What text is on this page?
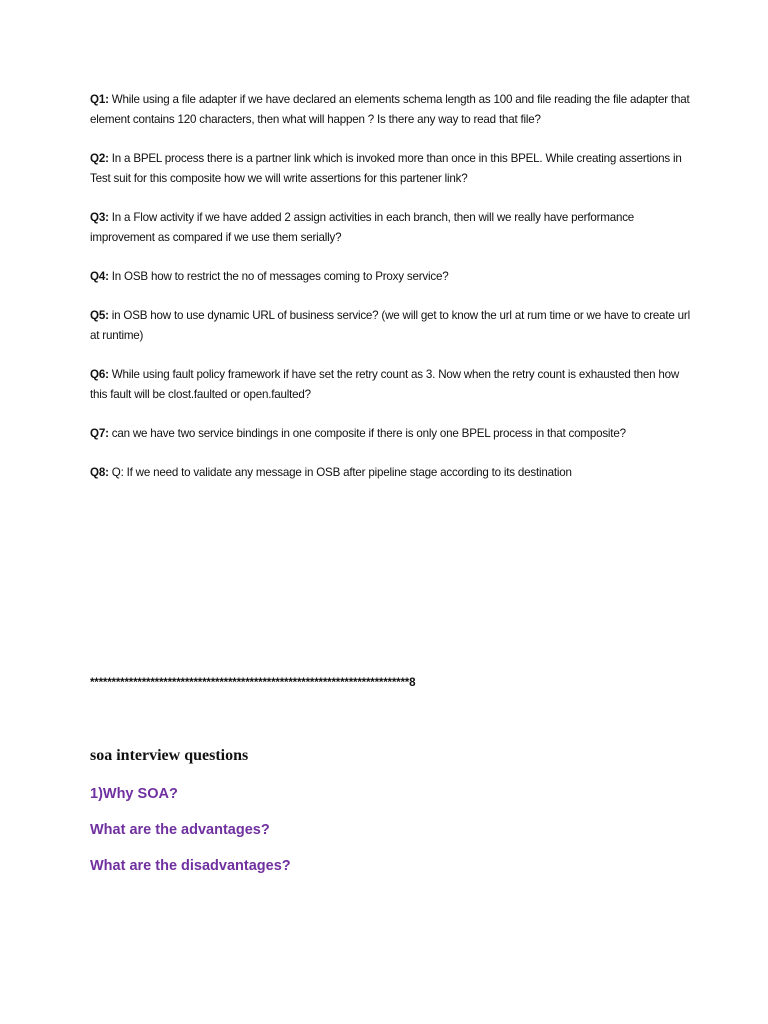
Q1: While using a file adapter if we have declared an elements schema length as 100 and file reading the file adapter that element contains 120 characters, then what will happen ? Is there any way to read that file?

Q2: In a BPEL process there is a partner link which is invoked more than once in this BPEL. While creating assertions in Test suit for this composite how we will write assertions for this partener link?

Q3: In a Flow activity if we have added 2 assign activities in each branch, then will we really have performance improvement as compared if we use them serially?

Q4: In OSB how to restrict the no of messages coming to Proxy service?

Q5: in OSB how to use dynamic URL of business service? (we will get to know the url at rum time or we have to create url at runtime)

Q6: While using fault policy framework if have set the retry count as 3. Now when the retry count is exhausted then how this fault will be clost.faulted or open.faulted?

Q7: can we have two service bindings in one composite if there is only one BPEL process in that composite?

Q8: Q: If we need to validate any message in OSB after pipeline stage according to its destination

**************************************************************************8
soa interview questions

1)Why SOA?

What are the advantages?

What are the disadvantages?
